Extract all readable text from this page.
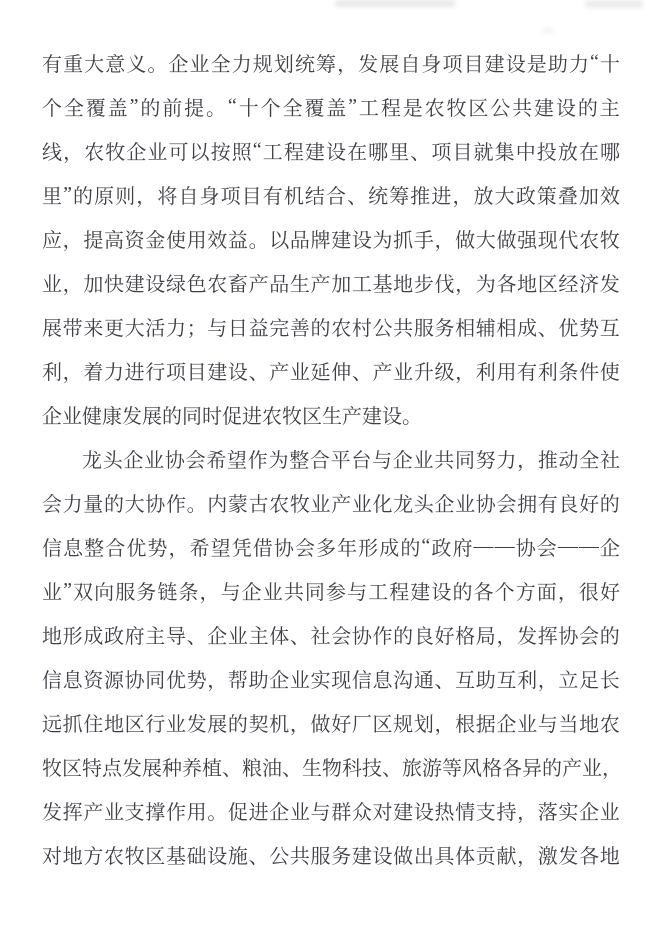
有 重 大 意 义 。 企 业 全 力 规 划 统 筹 ， 发 展 自 身 项 目 建 设 是 助 力 “ 十
个 全 覆 盖 ” 的 前 提 。 “ 十 个 全 覆 盖 ” 工 程 是 农 牧 区 公 共 建 设 的 主
线 ， 农 牧 企 业 可 以 按 照 “ 工 程 建 设 在 哪 里 、 项 目 就 集 中 投 放 在 哪
里 ” 的 原 则 ， 将 自 身 项 目 有 机 结 合 、 统 筹 推 进 ， 放 大 政 策 叠 加 效
应 ， 提 高 资 金 使 用 效 益 。 以 品 牌 建 设 为 抓 手 ， 做 大 做 强 现 代 农 牧
业 ， 加 快 建 设 绿 色 农 畜 产 品 生 产 加 工 基 地 步 伐 ， 为 各 地 区 经 济 发
展 带 来 更 大 活 力 ； 与 日 益 完 善 的 农 村 公 共 服 务 相 辅 相 成 、 优 势 互
利 ， 着 力 进 行 项 目 建 设 、 产 业 延 伸 、 产 业 升 级 ， 利 用 有 利 条 件 使
企业健康发展的同时促进农牧区生产建设。
龙 头 企 业 协 会 希 望 作 为 整 合 平 台 与 企 业 共 同 努 力 ， 推 动 全 社
会 力 量 的 大 协 作 。 内 蒙 古 农 牧 业 产 业 化 龙 头 企 业 协 会 拥 有 良 好 的
信 息 整 合 优 势 ， 希 望 凭 借 协 会 多 年 形 成 的 “ 政 府 — — 协 会 — — 企
业 ” 双 向 服 务 链 条 ， 与 企 业 共 同 参 与 工 程 建 设 的 各 个 方 面 ， 很 好
地 形 成 政 府 主 导 、 企 业 主 体 、 社 会 协 作 的 良 好 格 局 ， 发 挥 协 会 的
信 息 资 源 协 同 优 势 ， 帮 助 企 业 实 现 信 息 沟 通 、 互 助 互 利 ， 立 足 长
远 抓 住 地 区 行 业 发 展 的 契 机 ， 做 好 厂 区 规 划 ， 根 据 企 业 与 当 地 农
牧 区 特 点 发 展 种 养 植 、 粮 油 、 生 物 科 技 、 旅 游 等 风 格 各 异 的 产 业 ，
发 挥 产 业 支 撑 作 用 。 促 进 企 业 与 群 众 对 建 设 热 情 支 持 ， 落 实 企 业
对 地 方 农 牧 区 基 础 设 施 、 公 共 服 务 建 设 做 出 具 体 贡 献 ， 激 发 各 地
